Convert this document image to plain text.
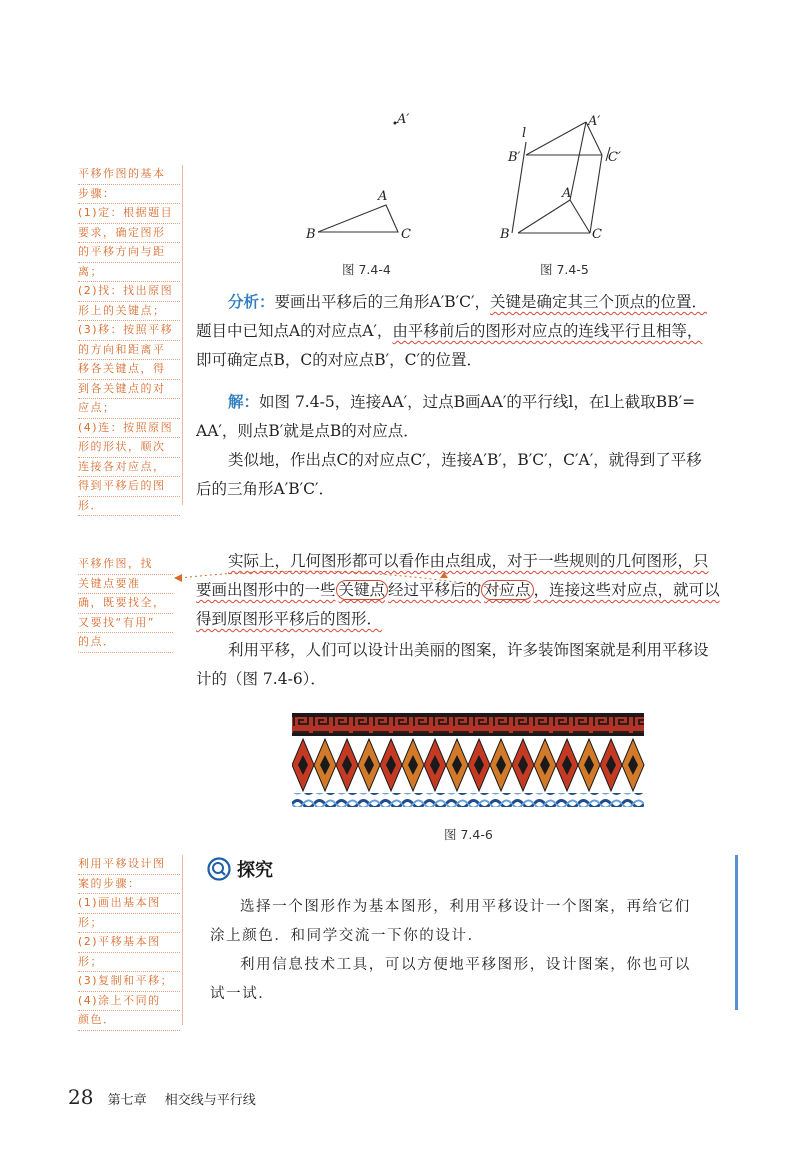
平移作图的基本
步骤：
(1)定：根据题目
要求，确定图形
的平移方向与距
离；
(2)找：找出原图
形上的关键点；
(3)移：按照平移
的方向和距离平
移各关键点，得
到各关键点的对
应点；
(4)连：按照原图
形的形状，顺次
连接各对应点，
得到平移后的图
形．
平移作图，找
关键点要准
确，既要找全，
又要找“有用”
的点．
利用平移设计图
案的步骤：
(1)画出基本图
形；
(2)平移基本图
形；
(3)复制和平移；
(4)涂上不同的
颜色．
A′
A
B	C
l
A′
B′	C′
A
B	C
图 7.4-4	图 7.4-5
分析：要画出平移后的三角形A′B′C′，关键是确定其三个顶点的位置．
题目中已知点A的对应点A′，由平移前后的图形对应点的连线平行且相等，
即可确定点B，C的对应点B′，C′的位置．
解：如图 7.4-5，连接AA′，过点B画AA′的平行线l，在l上截取BB′=
AA′，则点B′就是点B的对应点．
类似地，作出点C的对应点C′，连接A′B′，B′C′，C′A′，就得到了平移
后的三角形A′B′C′．
实际上，几何图形都可以看作由点组成，对于一些规则的几何图形，只
要画出图形中的一些 关键点 经过平移后的 对应点 ，连接这些对应点，就可以
得到原图形平移后的图形．
利用平移，人们可以设计出美丽的图案，许多装饰图案就是利用平移设
计的（图 7.4-6）．
图 7.4-6
探究
选择一个图形作为基本图形，利用平移设计一个图案，再给它们
涂上颜色．和同学交流一下你的设计．
利用信息技术工具，可以方便地平移图形，设计图案，你也可以
试一试．
28 第七章 相交线与平行线
